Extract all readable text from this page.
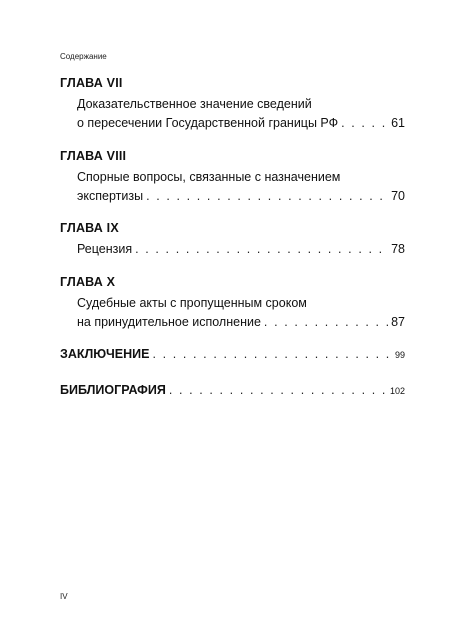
Содержание
ГЛАВА VII
Доказательственное значение сведений
о пересечении Государственной границы РФ . . .	61
ГЛАВА VIII
Спорные вопросы, связанные с назначением
экспертизы . . .	70
ГЛАВА IX
Рецензия . . .	78
ГЛАВА X
Судебные акты с пропущенным сроком
на принудительное исполнение . . .	87
ЗАКЛЮЧЕНИЕ . . .	99
БИБЛИОГРАФИЯ . . .	102
IV
